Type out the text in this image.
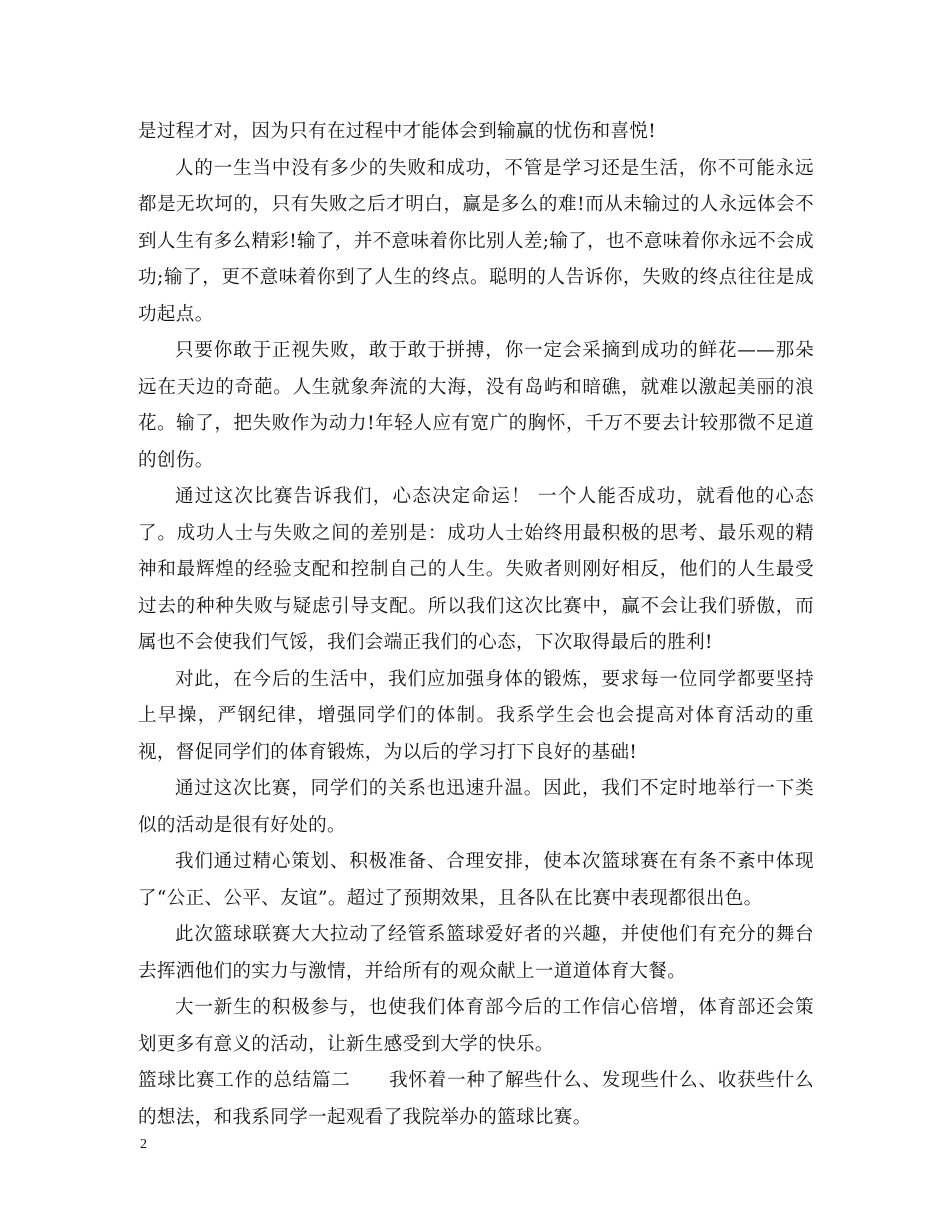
是过程才对，因为只有在过程中才能体会到输赢的忧伤和喜悦!

人的一生当中没有多少的失败和成功，不管是学习还是生活，你不可能永远都是无坎坷的，只有失败之后才明白，赢是多么的难!而从未输过的人永远体会不到人生有多么精彩!输了，并不意味着你比别人差;输了，也不意味着你永远不会成功;输了，更不意味着你到了人生的终点。聪明的人告诉你，失败的终点往往是成功起点。

只要你敢于正视失败，敢于敢于拼搏，你一定会采摘到成功的鲜花——那朵远在天边的奇葩。人生就象奔流的大海，没有岛屿和暗礁，就难以激起美丽的浪花。输了，把失败作为动力!年轻人应有宽广的胸怀，千万不要去计较那微不足道的创伤。

通过这次比赛告诉我们，心态决定命运！ 一个人能否成功，就看他的心态了。成功人士与失败之间的差别是：成功人士始终用最积极的思考、最乐观的精神和最辉煌的经验支配和控制自己的人生。失败者则刚好相反，他们的人生最受过去的种种失败与疑虑引导支配。所以我们这次比赛中，赢不会让我们骄傲，而属也不会使我们气馁，我们会端正我们的心态，下次取得最后的胜利!

对此，在今后的生活中，我们应加强身体的锻炼，要求每一位同学都要坚持上早操，严钢纪律，增强同学们的体制。我系学生会也会提高对体育活动的重视，督促同学们的体育锻炼，为以后的学习打下良好的基础!

通过这次比赛，同学们的关系也迅速升温。因此，我们不定时地举行一下类似的活动是很有好处的。

我们通过精心策划、积极准备、合理安排，使本次篮球赛在有条不紊中体现了“公正、公平、友谊”。超过了预期效果，且各队在比赛中表现都很出色。

此次篮球联赛大大拉动了经管系篮球爱好者的兴趣，并使他们有充分的舞台去挥洒他们的实力与激情，并给所有的观众献上一道道体育大餐。

大一新生的积极参与，也使我们体育部今后的工作信心倍增，体育部还会策划更多有意义的活动，让新生感受到大学的快乐。

篮球比赛工作的总结篇二 我怀着一种了解些什么、发现些什么、收获些什么的想法，和我系同学一起观看了我院举办的篮球比赛。

2
